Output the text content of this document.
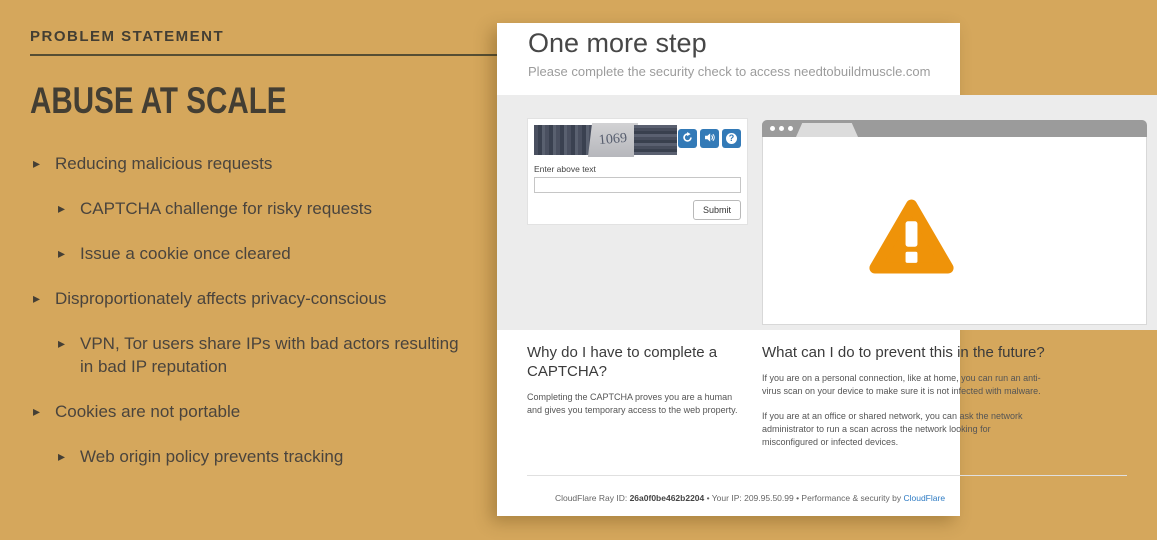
PROBLEM STATEMENT
ABUSE AT SCALE
▸ Reducing malicious requests
▸ CAPTCHA challenge for risky requests
▸ Issue a cookie once cleared
▸ Disproportionately affects privacy-conscious
▸ VPN, Tor users share IPs with bad actors resulting in bad IP reputation
▸ Cookies are not portable
▸ Web origin policy prevents tracking
One more step
Please complete the security check to access needtobuildmuscle.com
1069	?
Enter above text
Submit
Why do I have to complete a CAPTCHA?
Completing the CAPTCHA proves you are a human and gives you temporary access to the web property.
What can I do to prevent this in the future?
If you are on a personal connection, like at home, you can run an anti-virus scan on your device to make sure it is not infected with malware.
If you are at an office or shared network, you can ask the network administrator to run a scan across the network looking for misconfigured or infected devices.
CloudFlare Ray ID: 26a0f0be462b2204 • Your IP: 209.95.50.99 • Performance & security by CloudFlare
